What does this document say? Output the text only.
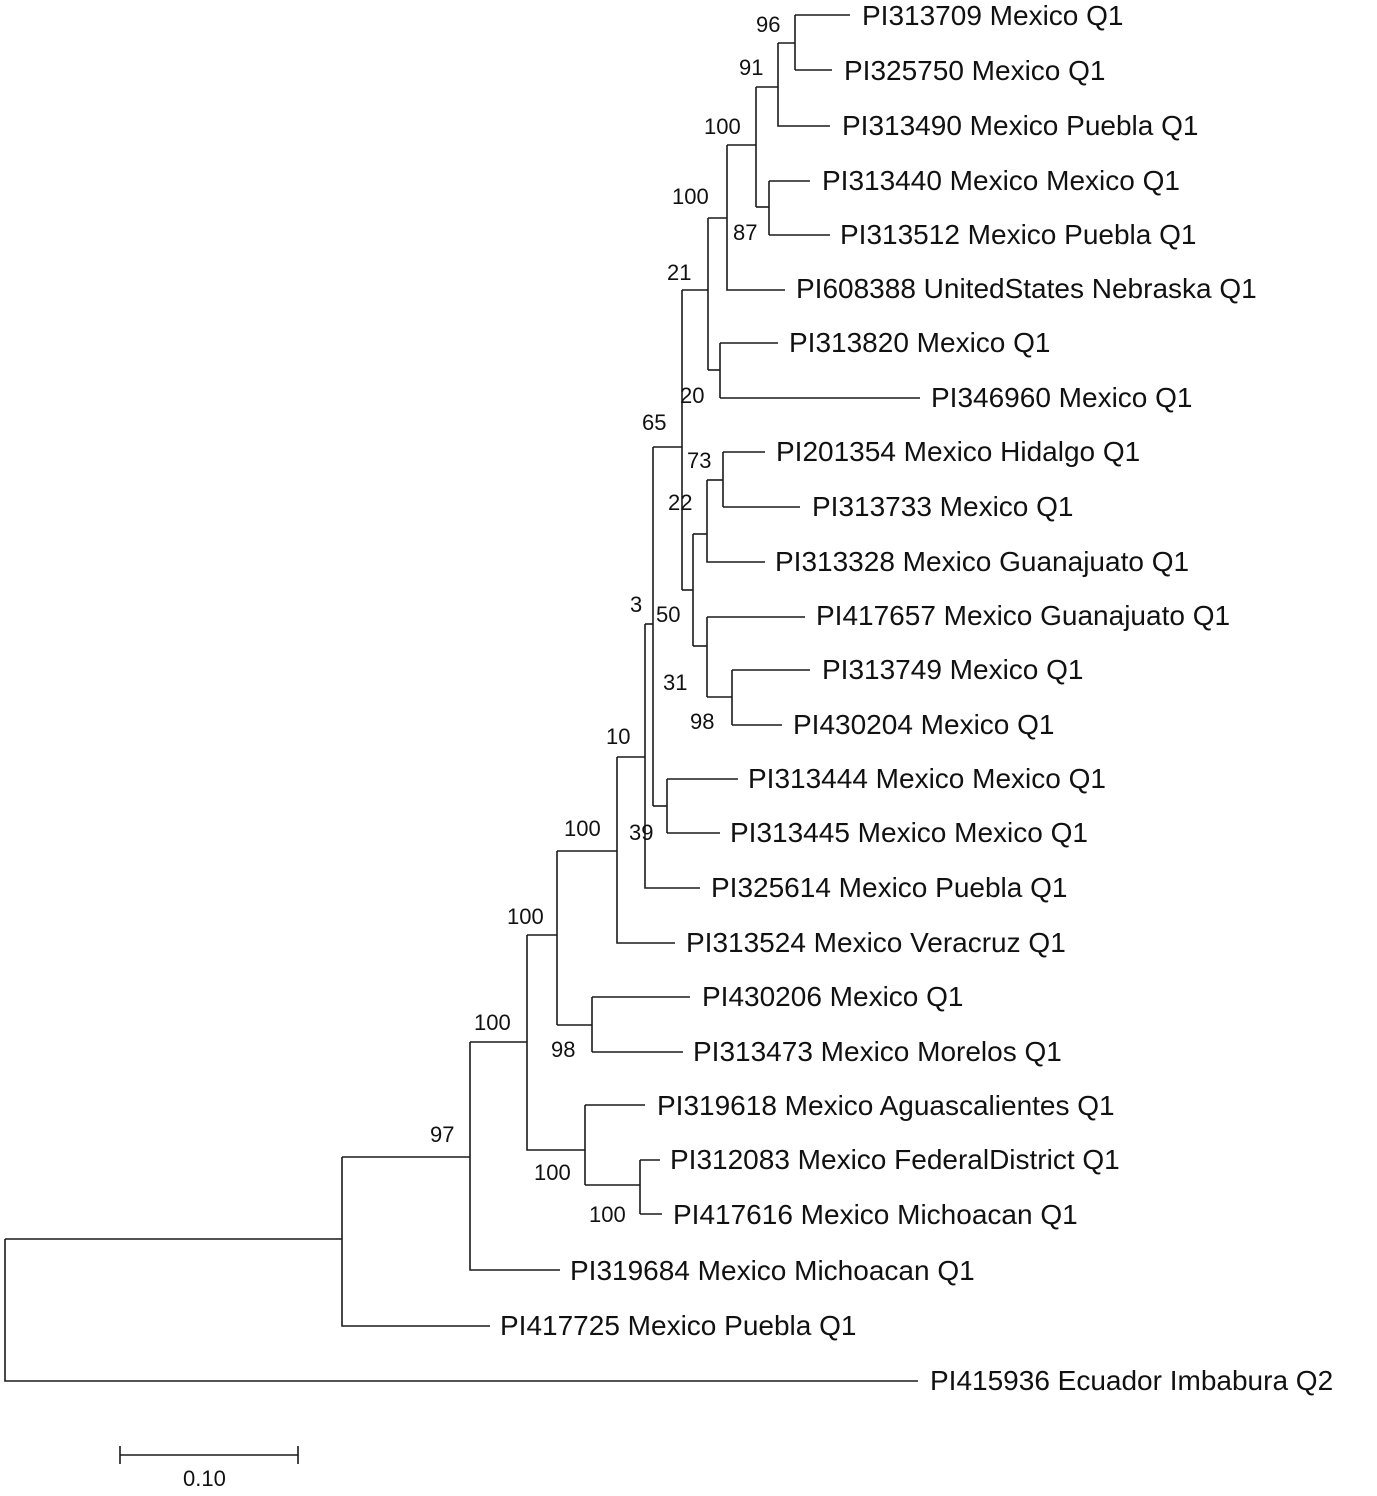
PI313709 Mexico Q1
PI325750 Mexico Q1
PI313490 Mexico Puebla Q1
PI313440 Mexico Mexico Q1
PI313512 Mexico Puebla Q1
PI608388 UnitedStates Nebraska Q1
PI313820 Mexico Q1
PI346960 Mexico Q1
PI201354 Mexico Hidalgo Q1
PI313733 Mexico Q1
PI313328 Mexico Guanajuato Q1
PI417657 Mexico Guanajuato Q1
PI313749 Mexico Q1
PI430204 Mexico Q1
PI313444 Mexico Mexico Q1
PI313445 Mexico Mexico Q1
PI325614 Mexico Puebla Q1
PI313524 Mexico Veracruz Q1
PI430206 Mexico Q1
PI313473 Mexico Morelos Q1
PI319618 Mexico Aguascalientes Q1
PI312083 Mexico FederalDistrict Q1
PI417616 Mexico Michoacan Q1
PI319684 Mexico Michoacan Q1
PI417725 Mexico Puebla Q1
PI415936 Ecuador Imbabura Q2
96
91
100
87
100
20
21
73
22
98
31
50
65
39
3
10
100
98
100
100
100
100
97
0.10
